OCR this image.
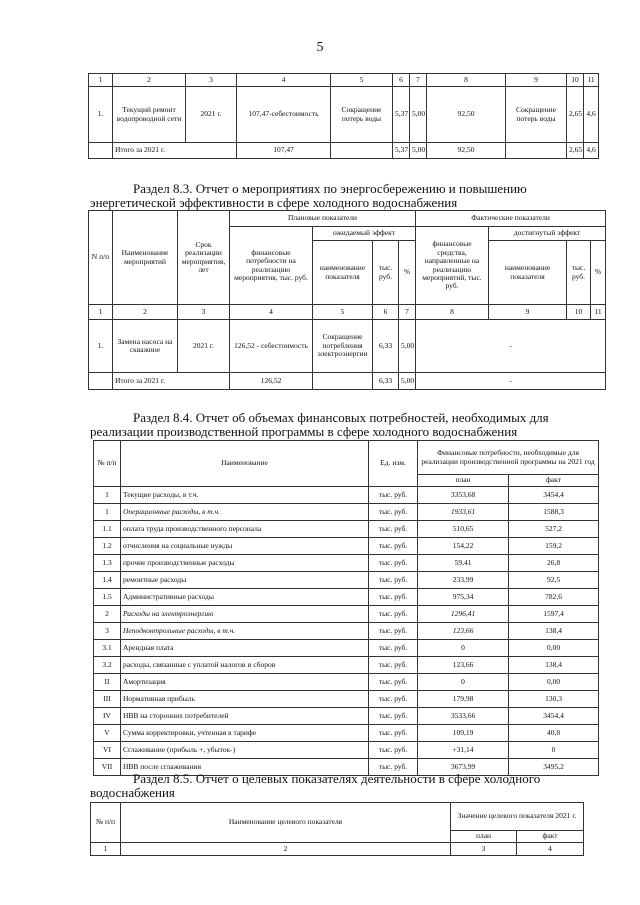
5
1	2	3	4	5	6	7	8	9	10	11
1.	Текущий ремонт водопроводной сети	2021 г.	107,47-себестоимость	Сокращение потерь воды	5,37	5,00	92,50	Сокращение потерь воды	2,65	4,6
	Итого за 2021 г.		107,47		5,37	5,00	92,50		2,65	4,6
Раздел 8.3. Отчет о мероприятиях по энергосбережению и повышению
энергетической эффективности в сфере холодного водоснабжения
N п/п	Наименование мероприятий	Срок реализации мероприятия, лет	Плановые показатели				Фактические показатели			
			финансовые потребности на реализацию мероприятия, тыс. руб.	ожидаемый эффект			финансовые средства, направленные на реализацию мероприятий, тыс. руб.	достигнутый эффект		
				наименование показателя	тыс. руб.	%		наименование показателя	тыс. руб.	%
1	2	3	4	5	6	7	8	9	10	11
1.	Замена насоса на скважине	2021 г.	126,52 - себестоимость	Сокращение потребления электроэнергии	6,33	5,00	-			
	Итого за 2021 г.		126,52		6,33	5,00	-			
Раздел 8.4. Отчет об объемах финансовых потребностей, необходимых для
реализации производственной программы в сфере холодного водоснабжения
№ п/п	Наименование	Ед. изм.	Финансовые потребности, необходимые для реализации производственной программы на 2021 год	
			план	факт
1	Текущие расходы, в т.ч.	тыс. руб.	3353,68	3454,4
1	Операционные расходы, в т.ч.	тыс. руб.	1933,61	1588,3
1.1	оплата труда производственного персонала	тыс. руб.	510,65	527,2
1.2	отчисления на социальные нужды	тыс. руб.	154,22	159,2
1.3	прочие производственные расходы	тыс. руб.	59,41	26,8
1.4	ремонтные расходы	тыс. руб.	233,99	92,5
1.5	Административные расходы	тыс. руб.	975,34	782,6
2	Расходы на электроэнергию	тыс. руб.	1296,41	1597,4
3	Неподконтрольные расходы, в т.ч.	тыс. руб.	123,66	138,4
3.1	Арендная плата	тыс. руб.	0	0,00
3.2	расходы, связанные с уплатой налогов и сборов	тыс. руб.	123,66	138,4
II	Амортизация	тыс. руб.	0	0,00
III	Нормативная прибыль	тыс. руб.	179,98	130,3
IV	НВВ на сторонних потребителей	тыс. руб.	3533,66	3454,4
V	Сумма корректировки, учтенная в тарифе	тыс. руб.	109,19	40,8
VI	Сглаживание (прибыль +, убыток-)	тыс. руб.	+31,14	0
VII	НВВ после сглаживания	тыс. руб.	3673,99	3495,2
Раздел 8.5. Отчет о целевых показателях деятельности в сфере холодного
водоснабжения
№ п/п	Наименование целевого показателя	Значение целевого показателя 2021 г.	
		план	факт
1	2	3	4
